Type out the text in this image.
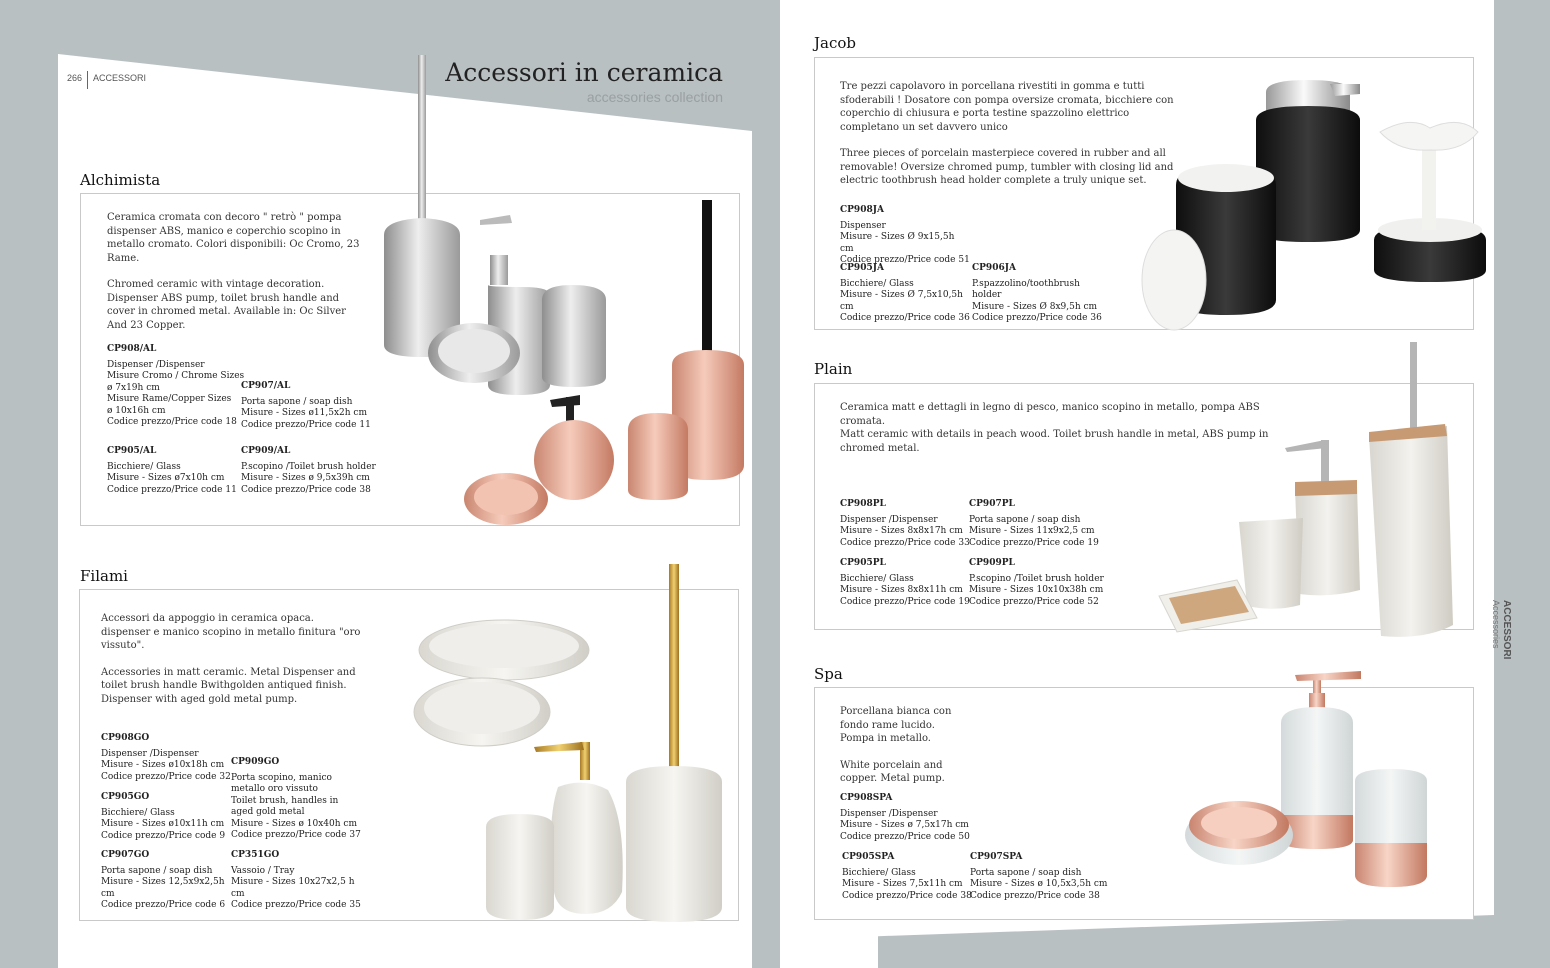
266 ACCESSORI	Accessori in ceramica
accessories collection
ACCESSORI
Accessories
Alchimista

Ceramica cromata con decoro " retrò " pompa dispenser ABS, manico e coperchio scopino in metallo cromato. Colori disponibili: Oc Cromo, 23 Rame.

Chromed ceramic with vintage decoration. Dispenser ABS pump, toilet brush handle and cover in chromed metal. Available in: Oc Silver And 23 Copper.

CP908/AL
Dispenser /Dispenser
Misure Cromo / Chrome Sizes
ø 7x19h cm
Misure Rame/Copper Sizes
ø 10x16h cm
Codice prezzo/Price code 18
CP907/AL
Porta sapone / soap dish
Misure - Sizes ø11,5x2h cm
Codice prezzo/Price code 11
CP905/AL
Bicchiere/ Glass
Misure - Sizes ø7x10h cm
Codice prezzo/Price code 11
CP909/AL
P.scopino /Toilet brush holder
Misure - Sizes ø 9,5x39h cm
Codice prezzo/Price code 38
Filami

Accessori da appoggio in ceramica opaca. dispenser e manico scopino in metallo finitura "oro vissuto".

Accessories in matt ceramic. Metal Dispenser and toilet brush handle Bwithgolden antiqued finish. Dispenser with aged gold metal pump.

CP908GO
Dispenser /Dispenser
Misure - Sizes ø10x18h cm
Codice prezzo/Price code 32
CP909GO
Porta scopino, manico
metallo oro vissuto
Toilet brush, handles in
aged gold metal
Misure - Sizes ø 10x40h cm
Codice prezzo/Price code 37
CP905GO
Bicchiere/ Glass
Misure - Sizes ø10x11h cm
Codice prezzo/Price code 9
CP907GO
Porta sapone / soap dish
Misure - Sizes 12,5x9x2,5h cm
Codice prezzo/Price code 6
CP351GO
Vassoio / Tray
Misure - Sizes 10x27x2,5 h cm
Codice prezzo/Price code 35
Jacob

Tre pezzi capolavoro in porcellana rivestiti in gomma e tutti sfoderabili ! Dosatore con pompa oversize cromata, bicchiere con coperchio di chiusura e porta testine spazzolino elettrico completano un set davvero unico

Three pieces of porcelain masterpiece covered in rubber and all removable! Oversize chromed pump, tumbler with closing lid and electric toothbrush head holder complete a truly unique set.

CP908JA
Dispenser
Misure - Sizes Ø 9x15,5h cm
Codice prezzo/Price code 51
CP905JA
Bicchiere/ Glass
Misure - Sizes Ø 7,5x10,5h cm
Codice prezzo/Price code 36
CP906JA
P.spazzolino/toothbrush holder
Misure - Sizes Ø 8x9,5h cm
Codice prezzo/Price code 36
Plain
Ceramica matt e dettagli in legno di pesco, manico scopino in metallo, pompa ABS cromata.
Matt ceramic with details in peach wood. Toilet brush handle in metal, ABS pump in chromed metal.
CP908PL
Dispenser /Dispenser
Misure - Sizes 8x8x17h cm
Codice prezzo/Price code 33
CP907PL
Porta sapone / soap dish
Misure - Sizes 11x9x2,5 cm
Codice prezzo/Price code 19
CP905PL
Bicchiere/ Glass
Misure - Sizes 8x8x11h cm
Codice prezzo/Price code 19
CP909PL
P.scopino /Toilet brush holder
Misure - Sizes 10x10x38h cm
Codice prezzo/Price code 52
Spa

Porcellana bianca con fondo rame lucido. Pompa in metallo.

White porcelain and copper. Metal pump.

CP908SPA
Dispenser /Dispenser
Misure - Sizes ø 7,5x17h cm
Codice prezzo/Price code 50
CP905SPA
Bicchiere/ Glass
Misure - Sizes 7,5x11h cm
Codice prezzo/Price code 38
CP907SPA
Porta sapone / soap dish
Misure - Sizes ø 10,5x3,5h cm
Codice prezzo/Price code 38
